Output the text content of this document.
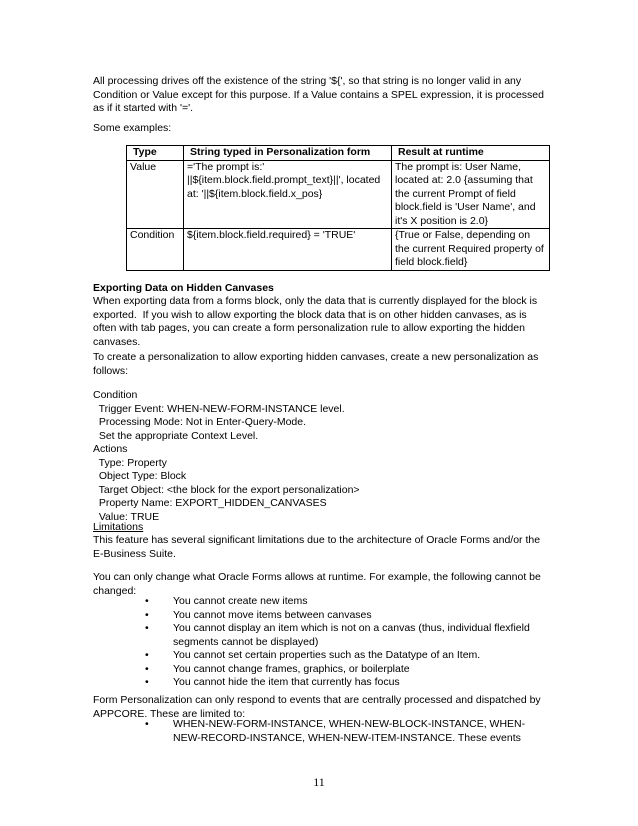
All processing drives off the existence of the string '${', so that string is no longer valid in any
Condition or Value except for this purpose. If a Value contains a SPEL expression, it is processed
as if it started with '='.
Some examples:
Type	String typed in Personalization form	Result at runtime
Value	='The prompt is:'
||${item.block.field.prompt_text}||', located
at: '||${item.block.field.x_pos}	The prompt is: User Name,
located at: 2.0 {assuming that
the current Prompt of field
block.field is 'User Name', and
it's X position is 2.0}

Condition	${item.block.field.required} = 'TRUE'	{True or False, depending on
the current Required property of
field block.field}
Exporting Data on Hidden Canvases
When exporting data from a forms block, only the data that is currently displayed for the block is
exported.  If you wish to allow exporting the block data that is on other hidden canvases, as is
often with tab pages, you can create a form personalization rule to allow exporting the hidden
canvases.
To create a personalization to allow exporting hidden canvases, create a new personalization as
follows:
Condition
Trigger Event: WHEN-NEW-FORM-INSTANCE level.
Processing Mode: Not in Enter-Query-Mode.
Set the appropriate Context Level.
Actions
Type: Property
Object Type: Block
Target Object: <the block for the export personalization>
Property Name: EXPORT_HIDDEN_CANVASES
Value: TRUE
Limitations
This feature has several significant limitations due to the architecture of Oracle Forms and/or the
E-Business Suite.
You can only change what Oracle Forms allows at runtime. For example, the following cannot be
changed:
• You cannot create new items
• You cannot move items between canvases
• You cannot display an item which is not on a canvas (thus, individual flexfield
segments cannot be displayed)
• You cannot set certain properties such as the Datatype of an Item.
• You cannot change frames, graphics, or boilerplate
• You cannot hide the item that currently has focus
Form Personalization can only respond to events that are centrally processed and dispatched by
APPCORE. These are limited to:
• WHEN-NEW-FORM-INSTANCE, WHEN-NEW-BLOCK-INSTANCE, WHEN-
NEW-RECORD-INSTANCE, WHEN-NEW-ITEM-INSTANCE. These events
11
